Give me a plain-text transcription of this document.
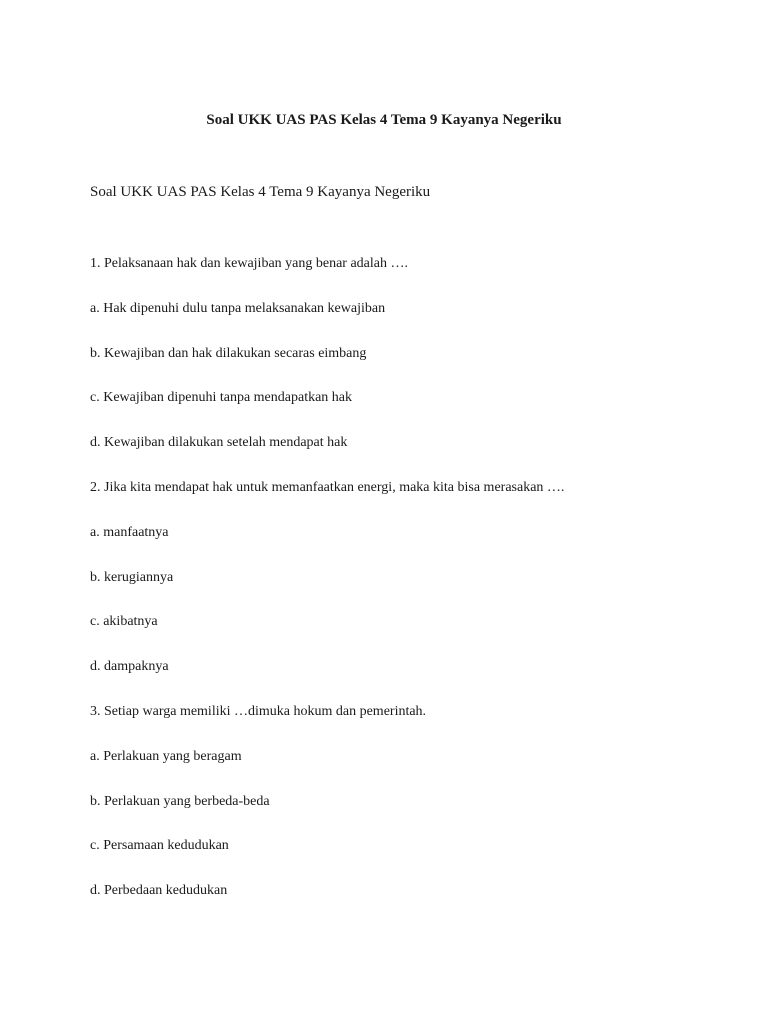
Soal UKK UAS PAS Kelas 4 Tema 9 Kayanya Negeriku
Soal UKK UAS PAS Kelas 4 Tema 9 Kayanya Negeriku
1. Pelaksanaan hak dan kewajiban yang benar adalah ….
a. Hak dipenuhi dulu tanpa melaksanakan kewajiban
b. Kewajiban dan hak dilakukan secaras eimbang
c. Kewajiban dipenuhi tanpa mendapatkan hak
d. Kewajiban dilakukan setelah mendapat hak
2. Jika kita mendapat hak untuk memanfaatkan energi, maka kita bisa merasakan ….
a. manfaatnya
b. kerugiannya
c. akibatnya
d. dampaknya
3. Setiap warga memiliki …dimuka hokum dan pemerintah.
a. Perlakuan yang beragam
b. Perlakuan yang berbeda-beda
c. Persamaan kedudukan
d. Perbedaan kedudukan
